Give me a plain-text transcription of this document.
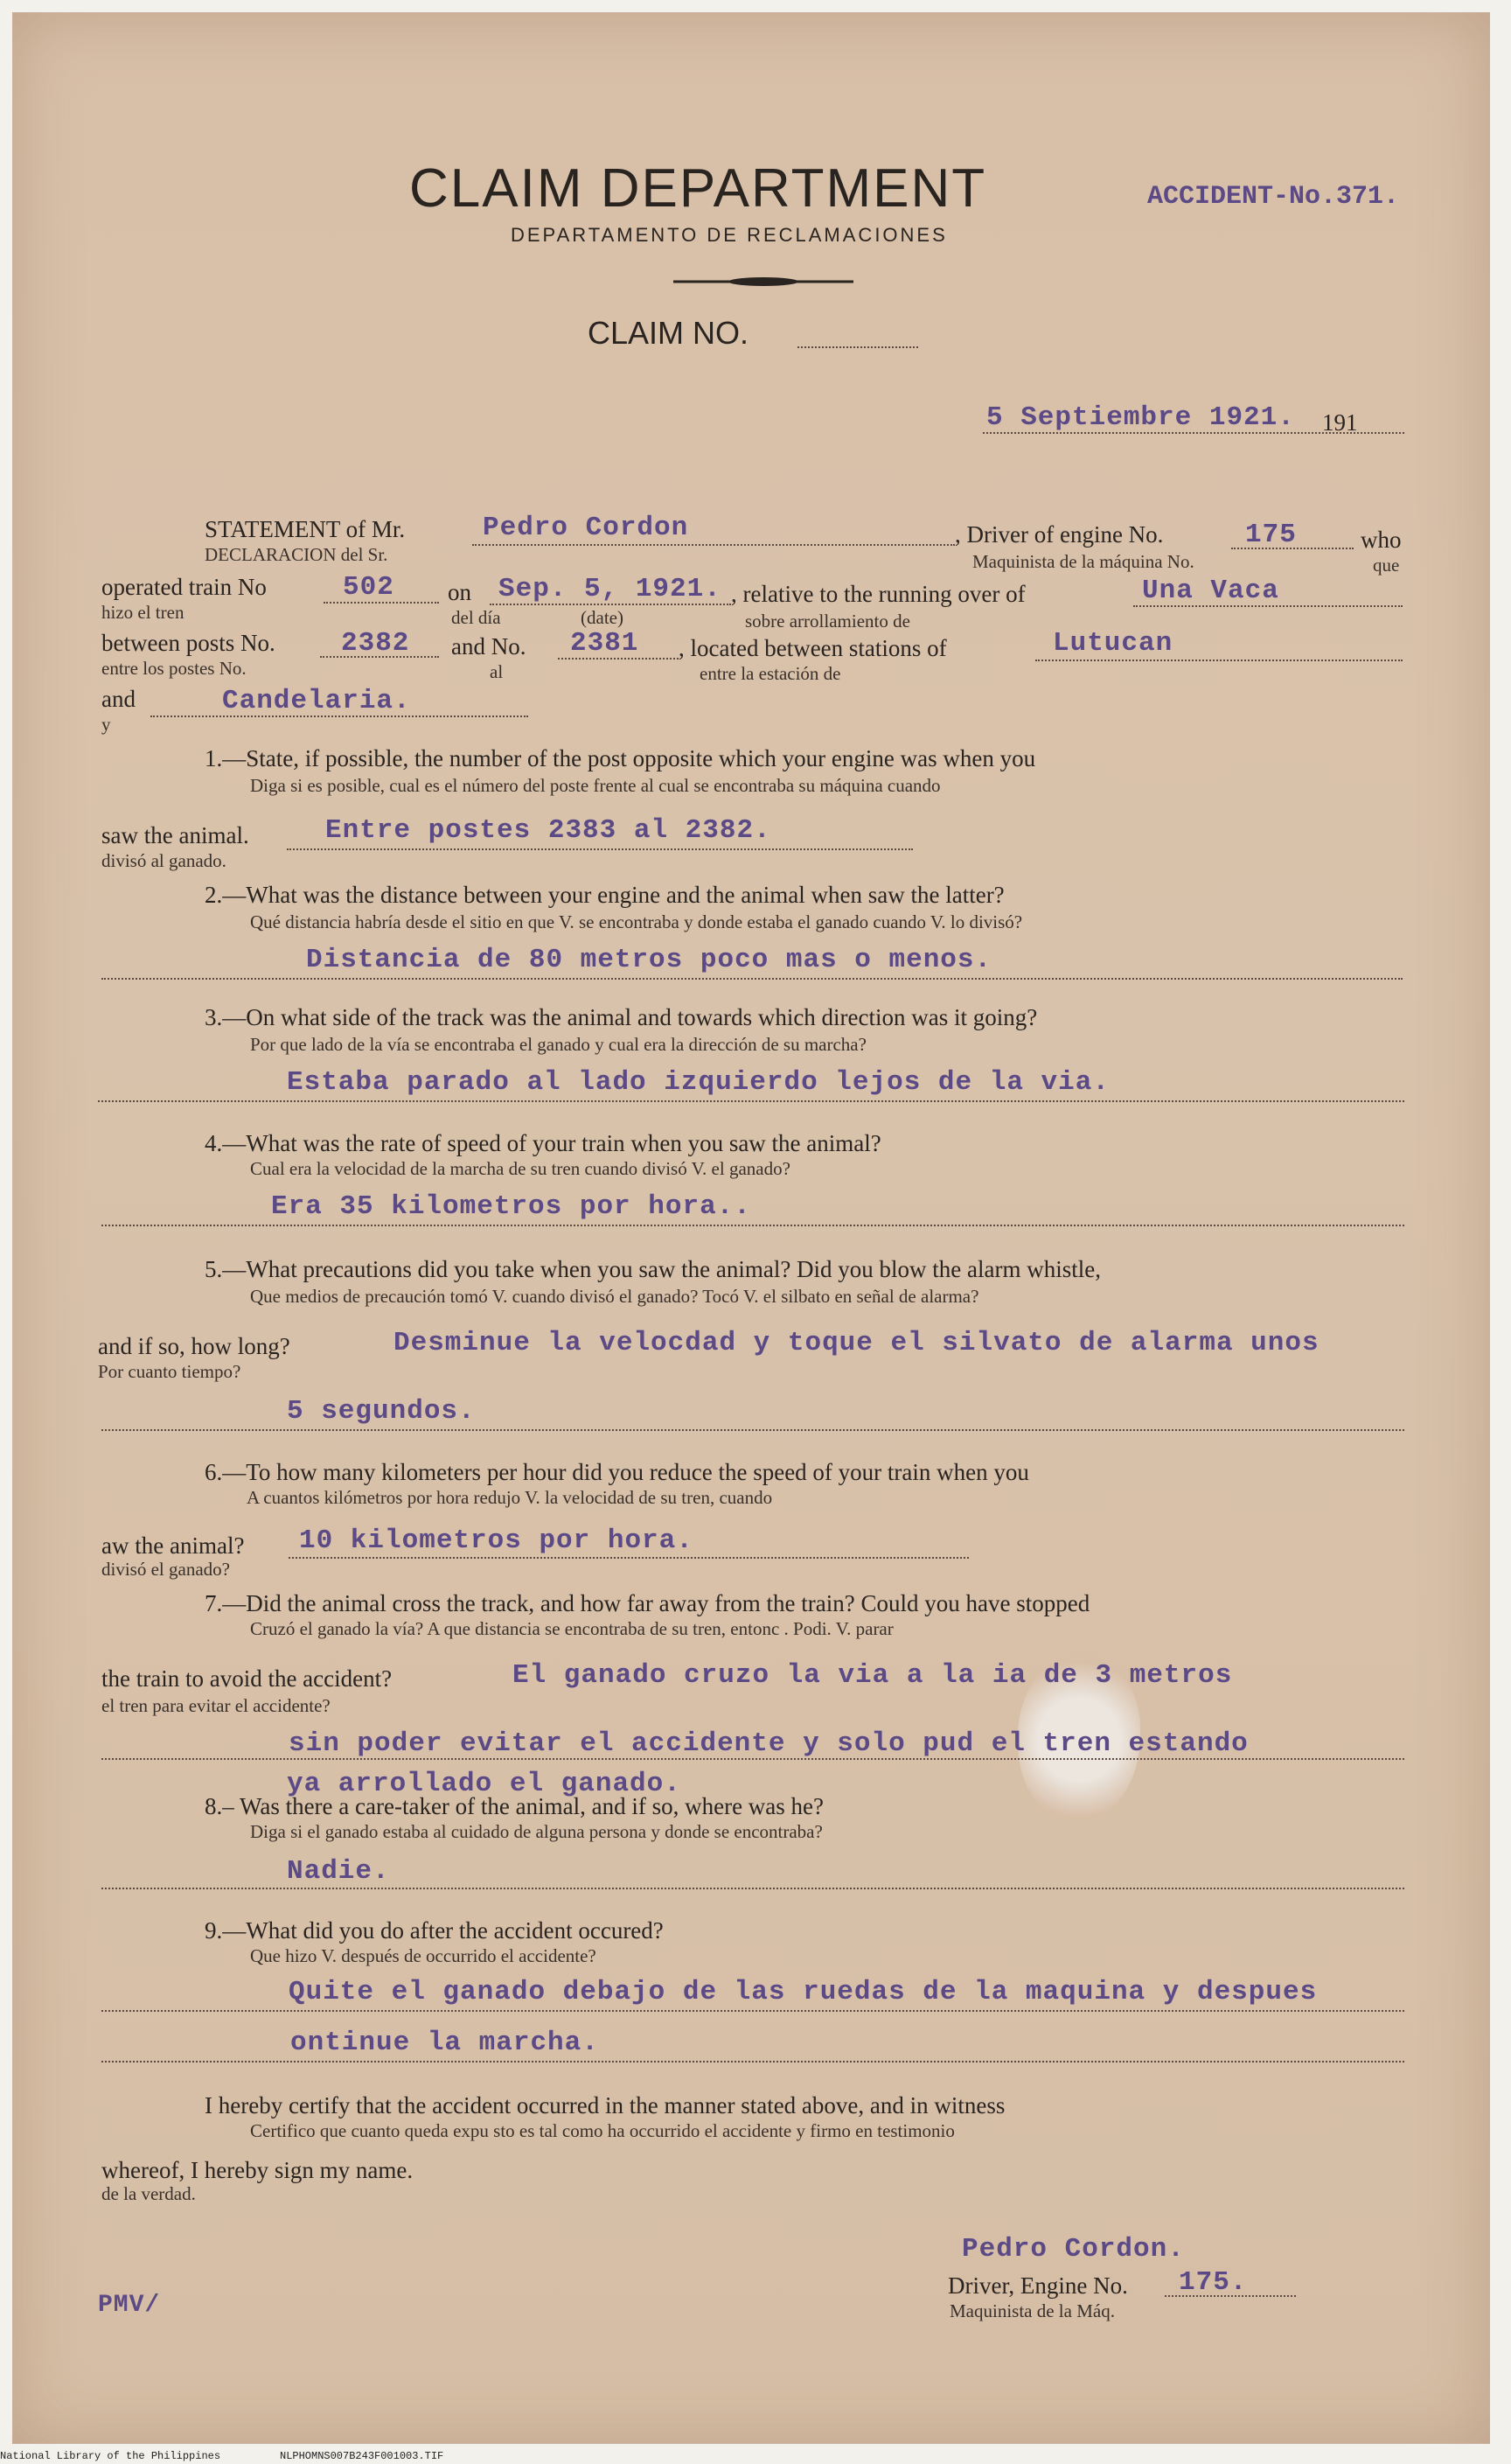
CLAIM DEPARTMENT	ACCIDENT-No.371.
DEPARTAMENTO DE RECLAMACIONES
CLAIM NO.
5 Septiembre 1921. 191
STATEMENT of Mr.
DECLARACION del Sr.
Pedro Cordon	, Driver of engine No.
Maquinista de la máquina No.
175	who
que
operated train No
hizo el tren
502 on
del día	(date)
Sep. 5, 1921. , relative to the running over of
sobre arrollamiento de
Una Vaca
between posts No.
entre los postes No.
2382 and No.
al
2381 , located between stations of
entre la estación de
Lutucan
and
y
Candelaria.
1.—State, if possible, the number of the post opposite which your engine was when you
Diga si es posible, cual es el número del poste frente al cual se encontraba su máquina cuando
saw the animal.
divisó al ganado.
Entre postes 2383 al 2382.
2.—What was the distance between your engine and the animal when saw the latter?
Qué distancia habría desde el sitio en que V. se encontraba y donde estaba el ganado cuando V. lo divisó?
Distancia de 80 metros poco mas o menos.
3.—On what side of the track was the animal and towards which direction was it going?
Por que lado de la vía se encontraba el ganado y cual era la dirección de su marcha?
Estaba parado al lado izquierdo lejos de la via.
4.—What was the rate of speed of your train when you saw the animal?
Cual era la velocidad de la marcha de su tren cuando divisó V. el ganado?
Era 35 kilometros por hora..
5.—What precautions did you take when you saw the animal? Did you blow the alarm whistle,
Que medios de precaución tomó V. cuando divisó el ganado? Tocó V. el silbato en señal de alarma?
and if so, how long?
Por cuanto tiempo?
Desminue la velocdad y toque el silvato de alarma unos
5 segundos.
6.—To how many kilometers per hour did you reduce the speed of your train when you
A cuantos kilómetros por hora redujo V. la velocidad de su tren, cuando
aw the animal?
divisó el ganado?
10 kilometros por hora.
7.—Did the animal cross the track, and how far away from the train? Could you have stopped
Cruzó el ganado la vía? A que distancia se encontraba de su tren, entonc . Podi. V. parar
the train to avoid the accident?
el tren para evitar el accidente?
El ganado cruzo la via a la ia de 3 metros
sin poder evitar el accidente y solo pud el tren estando
ya arrollado el ganado.
8.– Was there a care-taker of the animal, and if so, where was he?
Diga si el ganado estaba al cuidado de alguna persona y donde se encontraba?
Nadie.
9.—What did you do after the accident occured?
Que hizo V. después de occurrido el accidente?
Quite el ganado debajo de las ruedas de la maquina y despues
ontinue la marcha.
I hereby certify that the accident occurred in the manner stated above, and in witness
Certifico que cuanto queda expu sto es tal como ha occurrido el accidente y firmo en testimonio
whereof, I hereby sign my name.
de la verdad.
Pedro Cordon.
Driver, Engine No. 175.
Maquinista de la Máq.
PMV/
National Library of the Philippines	NLPHOMNS007B243F001003.TIF
